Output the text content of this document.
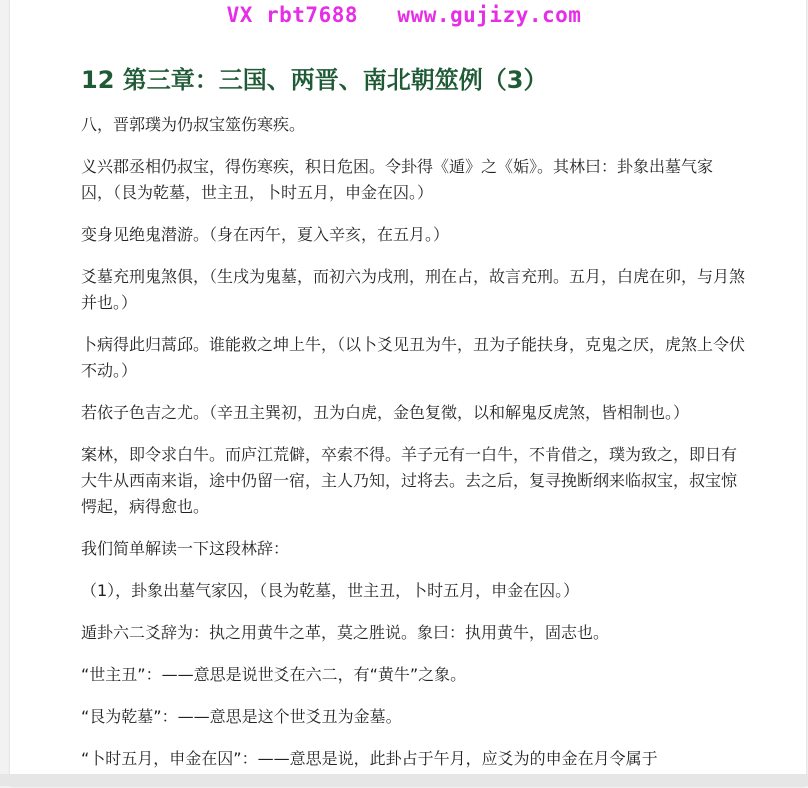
VX rbt7688   www.gujizy.com
12 第三章：三国、两晋、南北朝筮例（3）

八，晋郭璞为仍叔宝筮伤寒疾。

义兴郡丞相仍叔宝，得伤寒疾，积日危困。令卦得《遁》之《姤》。其林曰：卦象出墓气家囚，（艮为乾墓，世主丑，卜时五月，申金在囚。）

变身见绝鬼潜游。（身在丙午，夏入辛亥，在五月。）

爻墓充刑鬼煞俱，（生戌为鬼墓，而初六为戌刑，刑在占，故言充刑。五月，白虎在卯，与月煞并也。）

卜病得此归蒿邱。谁能救之坤上牛，（以卜爻见丑为牛，丑为子能扶身，克鬼之厌，虎煞上令伏不动。）

若依子色吉之尤。（辛丑主巽初，丑为白虎，金色复徵，以和解鬼反虎煞，皆相制也。）

案林，即令求白牛。而庐江荒僻，卒索不得。羊子元有一白牛，不肯借之，璞为致之，即日有大牛从西南来诣，途中仍留一宿，主人乃知，过将去。去之后，复寻挽断纲来临叔宝，叔宝惊愕起，病得愈也。

我们简单解读一下这段林辞：

（1），卦象出墓气家囚，（艮为乾墓，世主丑，卜时五月，申金在囚。）

遁卦六二爻辞为：执之用黄牛之革，莫之胜说。象曰：执用黄牛，固志也。

“世主丑”：——意思是说世爻在六二，有“黄牛”之象。

“艮为乾墓”：——意思是这个世爻丑为金墓。

“卜时五月，申金在囚”：——意思是说，此卦占于午月，应爻为的申金在月令属于
